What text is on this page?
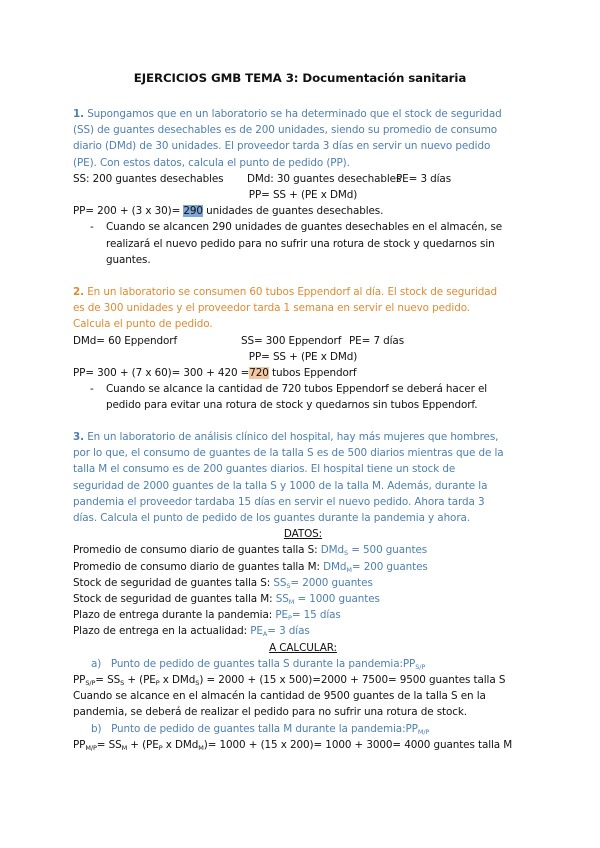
EJERCICIOS GMB TEMA 3: Documentación sanitaria
1. Supongamos que en un laboratorio se ha determinado que el stock de seguridad
(SS) de guantes desechables es de 200 unidades, siendo su promedio de consumo
diario (DMd) de 30 unidades. El proveedor tarda 3 días en servir un nuevo pedido
(PE). Con estos datos, calcula el punto de pedido (PP).
SS: 200 guantes desechables DMd: 30 guantes desechablesPE= 3 días
PP= SS + (PE x DMd)
PP= 200 + (3 x 30)= 290 unidades de guantes desechables.
- Cuando se alcancen 290 unidades de guantes desechables en el almacén, se
realizará el nuevo pedido para no sufrir una rotura de stock y quedarnos sin
guantes.
2. En un laboratorio se consumen 60 tubos Eppendorf al día. El stock de seguridad
es de 300 unidades y el proveedor tarda 1 semana en servir el nuevo pedido.
Calcula el punto de pedido.
DMd= 60 Eppendorf	SS= 300 Eppendorf PE= 7 días
PP= SS + (PE x DMd)
PP= 300 + (7 x 60)= 300 + 420 =720 tubos Eppendorf
- Cuando se alcance la cantidad de 720 tubos Eppendorf se deberá hacer el
pedido para evitar una rotura de stock y quedarnos sin tubos Eppendorf.
3. En un laboratorio de análisis clínico del hospital, hay más mujeres que hombres,
por lo que, el consumo de guantes de la talla S es de 500 diarios mientras que de la
talla M el consumo es de 200 guantes diarios. El hospital tiene un stock de
seguridad de 2000 guantes de la talla S y 1000 de la talla M. Además, durante la
pandemia el proveedor tardaba 15 días en servir el nuevo pedido. Ahora tarda 3
días. Calcula el punto de pedido de los guantes durante la pandemia y ahora.
DATOS:
Promedio de consumo diario de guantes talla S: DMd$_S$ = 500 guantes
Promedio de consumo diario de guantes talla M: DMd$_M$= 200 guantes
Stock de seguridad de guantes talla S: $SS_S= 2000$ guantes
Stock de seguridad de guantes talla M: $SS_M = 1000$ guantes
Plazo de entrega durante la pandemia: $PE_P= 15$ días
Plazo de entrega en la actualidad: $PE_A= 3$ días
A CALCULAR:
a) Punto de pedido de guantes talla S durante la $pandemia:PP_{S/P}$
$PP_{S/P}= SS_S + (PE_P$ x DMd$_S$) = 2000 + (15 x 500)=2000 + 7500= 9500 guantes talla S
Cuando se alcance en el almacén la cantidad de 9500 guantes de la talla S en la
pandemia, se deberá de realizar el pedido para no sufrir una rotura de stock.
b) Punto de pedido de guantes talla M durante la $pandemia:PP_{M/P}$
$PP_{M/P}= SS_M + (PE_P$ x DMd$_M$)= 1000 + (15 x 200)= 1000 + 3000= 4000 guantes talla M
